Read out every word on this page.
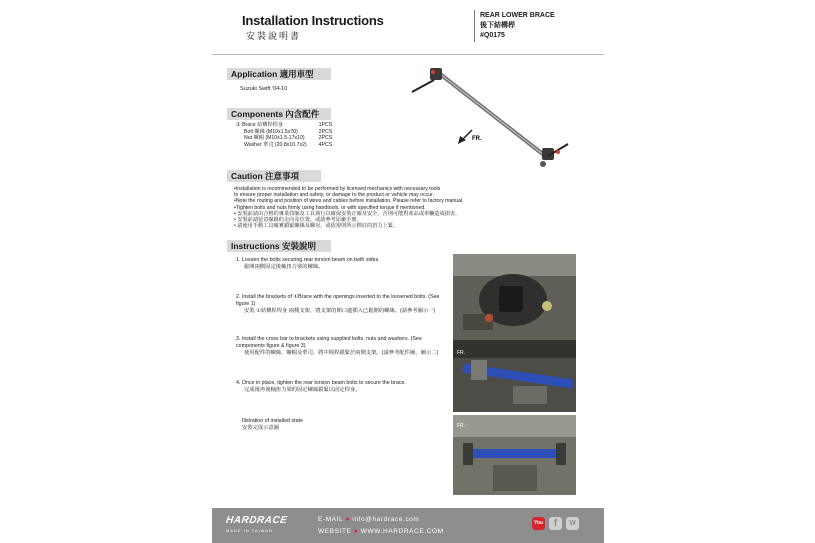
Installation Instructions
安裝說明書
REAR LOWER BRACE
後下結構桿
#Q0175
Application 適用車型
Suzuki Swift '04-10
Components 內含配件
① Brace 結構桿桿身	1PCS
Bolt 螺絲 (M10x1.5x70)	2PCS
Nut 螺帽 (M10x1.5-17x10)	2PCS
Washer 華司 (20.8x10.7x2)	4PCS
FR.
Caution 注意事項
•Installation is recommended to be performed by licensed mechanics with necessary tools
to ensure proper installation and safety, or damage to the product or vehicle may occur.
•Note the routing and position of wires and cables before installation. Please refer to factory manual.
•Tighten bolts and nuts firmly using handtools, or with specified torque if mentioned.
• 安裝前請由合格的專業技師及工具執行以確保安裝正確及安全，否則可能對產品或車輛造成損害。
• 安裝前請留意線路的走向及位置，或請參考原廠手冊。
• 請使用手動工具確實鎖緊螺絲及螺母，或依規則所示標註的扭力上緊。
Instructions 安裝說明
1. Loosen the bolts securing rear torsion beam on both sides.
鬆開兩側固定後軸扭力梁的螺絲。
2. Install the brackets of ①Brace with the openings inserted to the loosened bolts. (See figure 1)
安裝 ①結構桿桿身 兩側支架，將支架的開口處插入已鬆開的螺絲。(請參考圖示一)
3. Install the cross bar to brackets using supplied bolts, nuts and washers. (See components figure & figure 3)
使用配件的螺絲、螺帽及華司，將中間桿鎖緊於兩側支架。(請參考配件圖、圖示二)
4. Once in place, tighten the rear torsion beam bolts to secure the brace.
完成後再後軸扭力梁的固定螺絲鎖緊以固定桿身。
Illstration of installed state
安裝完成示意圖
FR.
FR.
HARDRACE
MADE IN TAIWAN
E-MAIL ● info@hardrace.com
WEBSITE ● WWW.HARDRACE.COM
You	f	W
